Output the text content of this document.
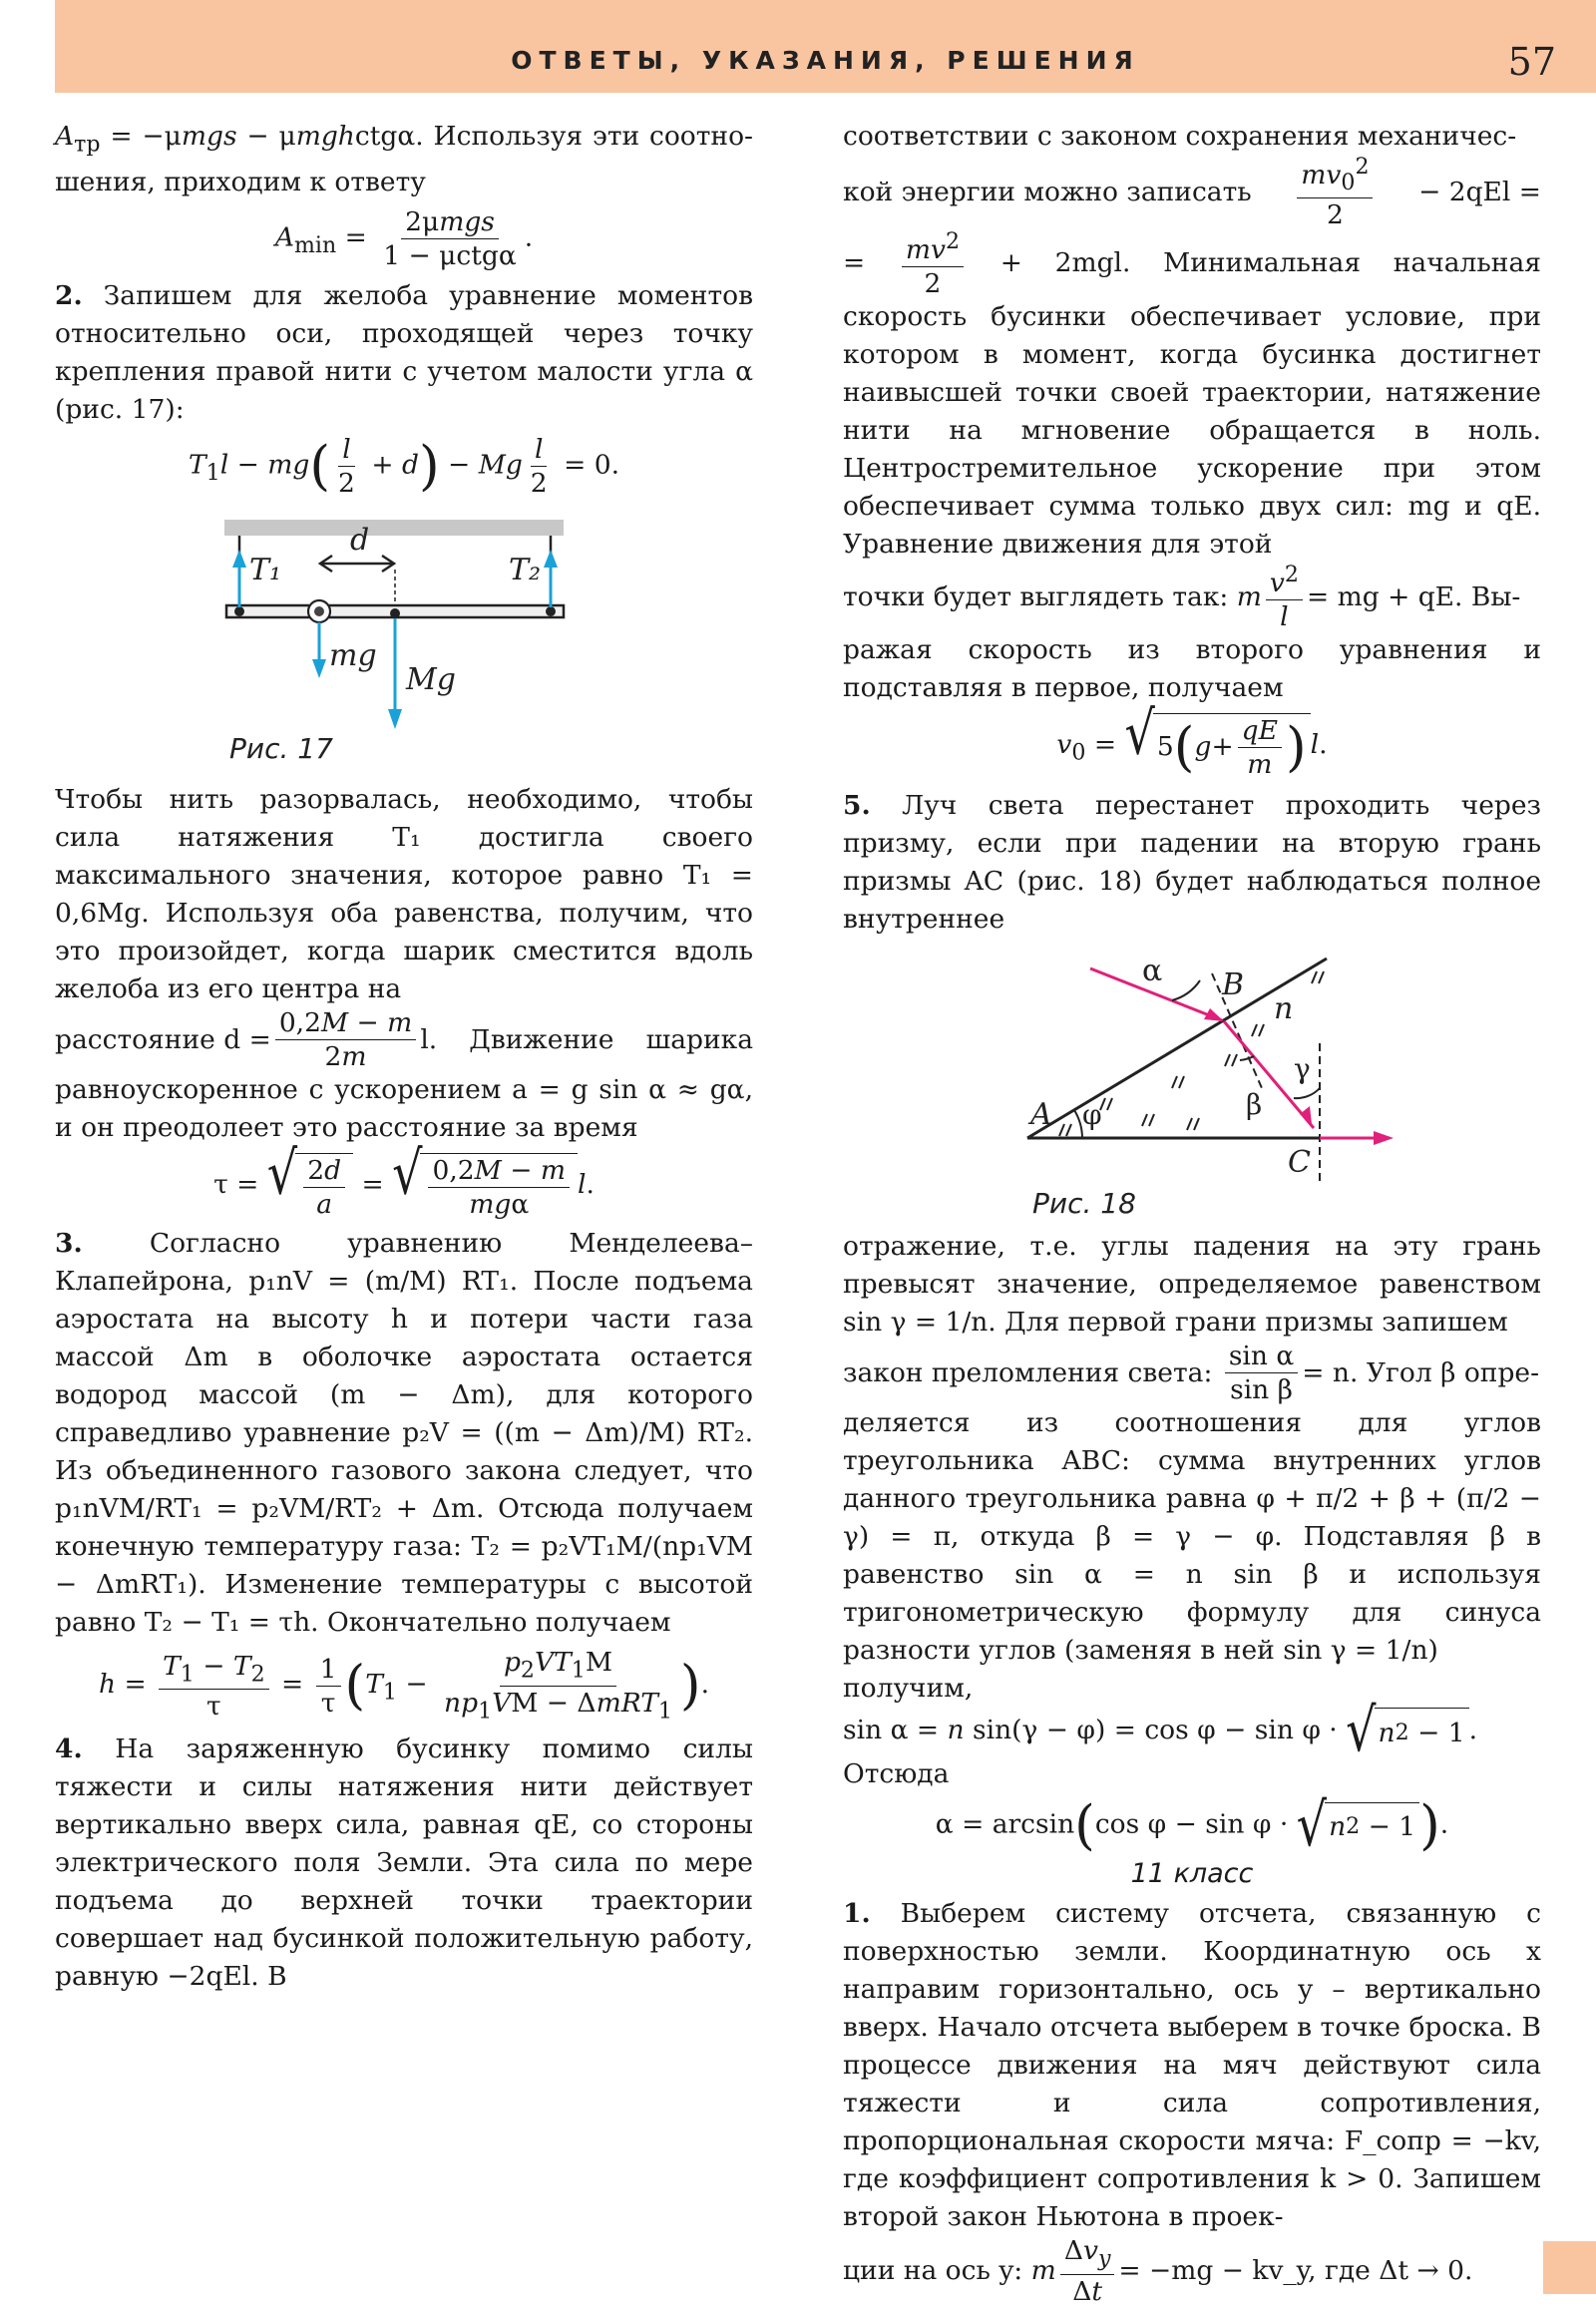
ОТВЕТЫ, УКАЗАНИЯ, РЕШЕНИЯ	57

$A_{тр} = -\mu mgs$ − μmghctgα. Используя эти соотно-шения, приходим к ответу

$A_{min} = \frac{\text{2μmgs}}{\text{1 − μctgα}}$ .

2. Запишем для желоба уравнение моментов относительно оси, проходящей через точку крепления правой нити с учетом малости угла α (рис. 17):

$T_1l - mg( \frac{l}{2} + d) - Mg \frac{l}{2} = 0$.
T₁	T₂
d
mg
Mg
Рис. 17

Чтобы нить разорвалась, необходимо, чтобы сила натяжения T₁ достигла своего максимального значения, которое равно T₁ = 0,6Mg. Используя оба равенства, получим, что это произойдет, когда шарик сместится вдоль желоба из его центра на

расстояние $d = \frac{0,2M - m}{2m} l$. Движение шарика

равноускоренное с ускорением a = g sin α ≈ gα, и он преодолеет это расстояние за время

τ = √ $\frac{2d}{a}$ = √ $\frac{0,2M - m}{\text{mgα}} l$.

3.	Согласно уравнению Менделеева–Клапейрона, p₁nV = (m/M) RT₁. После подъема аэростата на высоту h и потери части газа массой Δm в оболочке аэростата остается водород массой (m − Δm), для которого справедливо уравнение p₂V = ((m − Δm)/M) RT₂. Из объединенного газового закона следует, что p₁nVM/RT₁ = p₂VM/RT₂ + Δm. Отсюда получаем конечную температуру газа: T₂ = p₂VT₁M/(np₁VM − ΔmRT₁). Изменение температуры с высотой равно T₂ − T₁ = τh. Окончательно получаем

$h = \frac{T_1 - T_2}{\tau} = \frac{1}{\tau} (T_1 - \frac{p_2VT_1M}{np_1VM - \Delta mRT_1}$ ).

4. На заряженную бусинку помимо силы тяжести и силы натяжения нити действует вертикально вверх сила, равная qE, со стороны электрического поля Земли. Эта сила по мере подъема до верхней точки траектории совершает над бусинкой положительную работу, равную −2qEl. В

соответствии с законом сохранения механичес-

кой энергии можно записать $\frac{mv_0^2}{2} - 2qEl$ =

= $\frac{mv^2}{2} + 2mgl$. Минимальная начальная скорость бусинки обеспечивает условие, при котором в момент, когда бусинка достигнет наивысшей точки своей траектории, натяжение нити на мгновение обращается в ноль. Центростремительное ускорение при этом обеспечивает сумма только двух сил: mg и qE. Уравнение движения для этой

точки будет выглядеть так:
m $\frac{v^2}{l}$ = mg + qE. Вы-

ражая скорость из второго уравнения и подставляя в первое, получаем

$v_0$ = √ 5 ( $g + \frac{qE}{m}$ ) l.

5. Луч света перестанет проходить через призму, если при падении на вторую грань призмы AC (рис. 18) будет наблюдаться полное внутреннее

A
B
C
n
α
φ	β
γ
Рис. 18

отражение, т.е. углы падения на эту грань превысят значение, определяемое равенством sin γ = 1/n. Для первой грани призмы запишем

закон преломления света:
$\frac{\text{sin α}}{\text{sin β}} = n$. Угол β опре-

деляется из соотношения для углов треугольника ABC: сумма внутренних углов данного треугольника равна φ + π/2 + β + (π/2 − γ) = π, откуда β = γ − φ. Подставляя β в равенство sin α = n sin β и используя тригонометрическую формулу для синуса разности углов (заменяя в ней sin γ = 1/n)

получим, sin α = n sin(γ − φ) = cos φ − sin φ · √ n 2 − 1 .

Отсюда

α = arcsin(cos φ − sin φ · √ n 2 − 1 ).
11 класс

1. Выберем систему отсчета, связанную с поверхностью земли. Координатную ось x направим горизонтально, ось y – вертикально вверх. Начало отсчета выберем в точке броска. В процессе движения на мяч действуют сила тяжести и сила сопротивления, пропорциональная скорости мяча: F_сопр = −kv, где коэффициент сопротивления k > 0. Запишем второй закон Ньютона в проек-

ции на ось y:
m $\frac{\Delta v_y}{\Delta t} = -mg$ − kv_y, где Δt → 0.
